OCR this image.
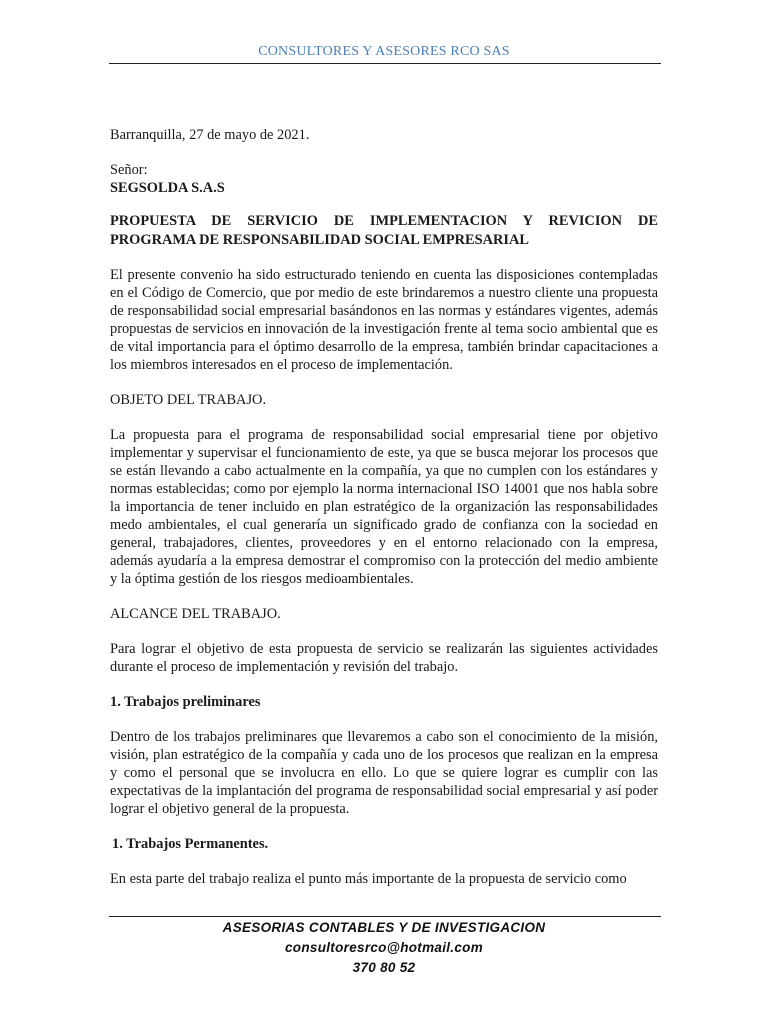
CONSULTORES Y ASESORES RCO SAS

Barranquilla, 27 de mayo de 2021.

Señor:

SEGSOLDA S.A.S

PROPUESTA DE SERVICIO DE IMPLEMENTACION Y REVICION DE PROGRAMA DE RESPONSABILIDAD SOCIAL EMPRESARIAL

El presente convenio ha sido estructurado teniendo en cuenta las disposiciones contempladas en el Código de Comercio, que por medio de este brindaremos a nuestro cliente una propuesta de responsabilidad social empresarial basándonos en las normas y estándares vigentes, además propuestas de servicios en innovación de la investigación frente al tema socio ambiental que es de vital importancia para el óptimo desarrollo de la empresa, también brindar capacitaciones a los miembros interesados en el proceso de implementación.

OBJETO DEL TRABAJO.

La propuesta para el programa de responsabilidad social empresarial tiene por objetivo implementar y supervisar el funcionamiento de este, ya que se busca mejorar los procesos que se están llevando a cabo actualmente en la compañía, ya que no cumplen con los estándares y normas establecidas; como por ejemplo la norma internacional ISO 14001 que nos habla sobre la importancia de tener incluido en plan estratégico de la organización las responsabilidades medo ambientales, el cual generaría un significado grado de confianza con la sociedad en general, trabajadores, clientes, proveedores y en el entorno relacionado con la empresa, además ayudaría a la empresa demostrar el compromiso con la protección del medio ambiente y la óptima gestión de los riesgos medioambientales.

ALCANCE DEL TRABAJO.

Para lograr el objetivo de esta propuesta de servicio se realizarán las siguientes actividades durante el proceso de implementación y revisión del trabajo.

1. Trabajos preliminares

Dentro de los trabajos preliminares que llevaremos a cabo son el conocimiento de la misión, visión, plan estratégico de la compañía y cada uno de los procesos que realizan en la empresa y como el personal que se involucra en ello. Lo que se quiere lograr es cumplir con las expectativas de la implantación del programa de responsabilidad social empresarial y así poder lograr el objetivo general de la propuesta.

1. Trabajos Permanentes.

En esta parte del trabajo realiza el punto más importante de la propuesta de servicio como

ASESORIAS CONTABLES Y DE INVESTIGACION
consultoresrco@hotmail.com
370 80 52
